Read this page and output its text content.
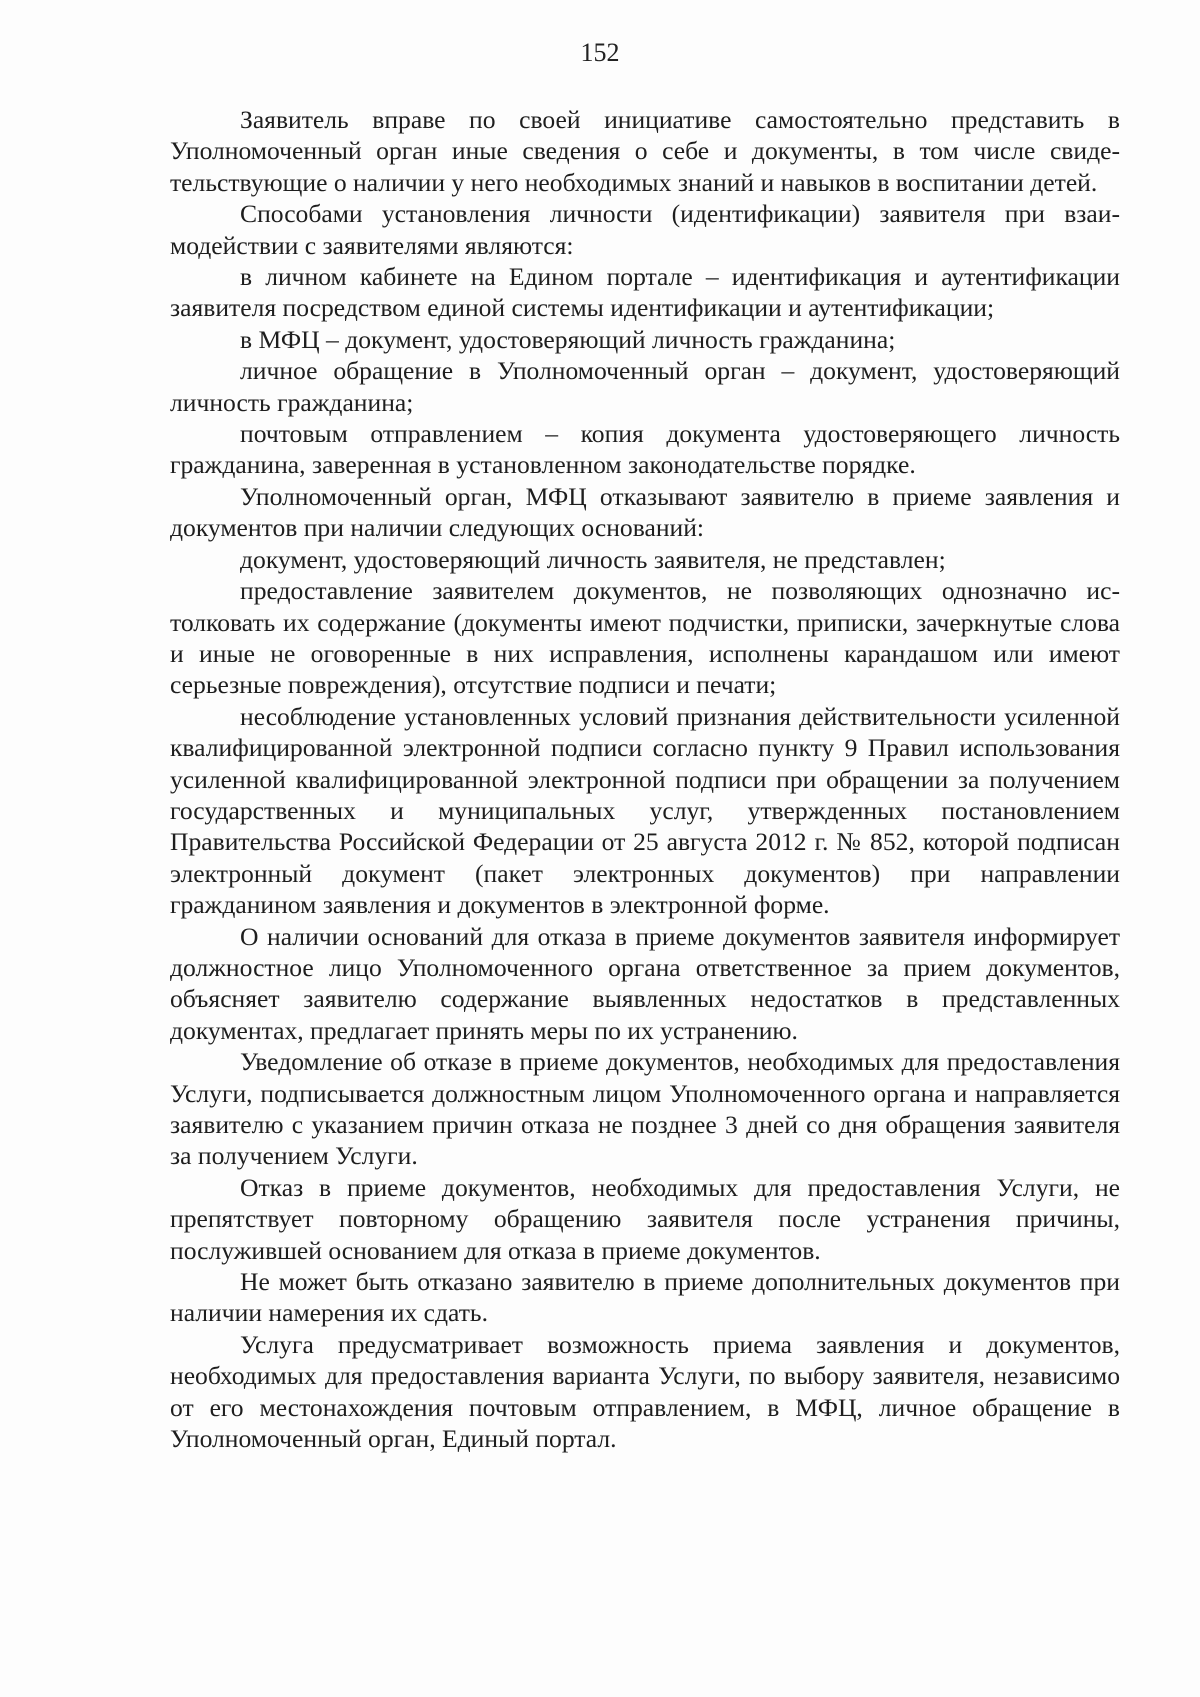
152

Заявитель вправе по своей инициативе самостоятельно представить в Уполномоченный орган иные сведения о себе и документы, в том числе свидетельствующие о наличии у него необходимых знаний и навыков в воспитании детей.

Способами установления личности (идентификации) заявителя при взаимодействии с заявителями являются:

в личном кабинете на Едином портале – идентификация и аутентификации заявителя посредством единой системы идентификации и аутентификации;

в МФЦ – документ, удостоверяющий личность гражданина;

личное обращение в Уполномоченный орган – документ, удостоверяющий личность гражданина;

почтовым отправлением – копия документа удостоверяющего личность гражданина, заверенная в установленном законодательстве порядке.

Уполномоченный орган, МФЦ отказывают заявителю в приеме заявления и документов при наличии следующих оснований:

документ, удостоверяющий личность заявителя, не представлен;

предоставление заявителем документов, не позволяющих однозначно истолковать их содержание (документы имеют подчистки, приписки, зачеркнутые слова и иные не оговоренные в них исправления, исполнены карандашом или имеют серьезные повреждения), отсутствие подписи и печати;

несоблюдение установленных условий признания действительности усиленной квалифицированной электронной подписи согласно пункту 9 Правил использования усиленной квалифицированной электронной подписи при обращении за получением государственных и муниципальных услуг, утвержденных постановлением Правительства Российской Федерации от 25 августа 2012 г. № 852, которой подписан электронный документ (пакет электронных документов) при направлении гражданином заявления и документов в электронной форме.

О наличии оснований для отказа в приеме документов заявителя информирует должностное лицо Уполномоченного органа ответственное за прием документов, объясняет заявителю содержание выявленных недостатков в представленных документах, предлагает принять меры по их устранению.

Уведомление об отказе в приеме документов, необходимых для предоставления Услуги, подписывается должностным лицом Уполномоченного органа и направляется заявителю с указанием причин отказа не позднее 3 дней со дня обращения заявителя за получением Услуги.

Отказ в приеме документов, необходимых для предоставления Услуги, не препятствует повторному обращению заявителя после устранения причины, послужившей основанием для отказа в приеме документов.

Не может быть отказано заявителю в приеме дополнительных документов при наличии намерения их сдать.

Услуга предусматривает возможность приема заявления и документов, необходимых для предоставления варианта Услуги, по выбору заявителя, независимо от его местонахождения почтовым отправлением, в МФЦ, личное обращение в Уполномоченный орган, Единый портал.
